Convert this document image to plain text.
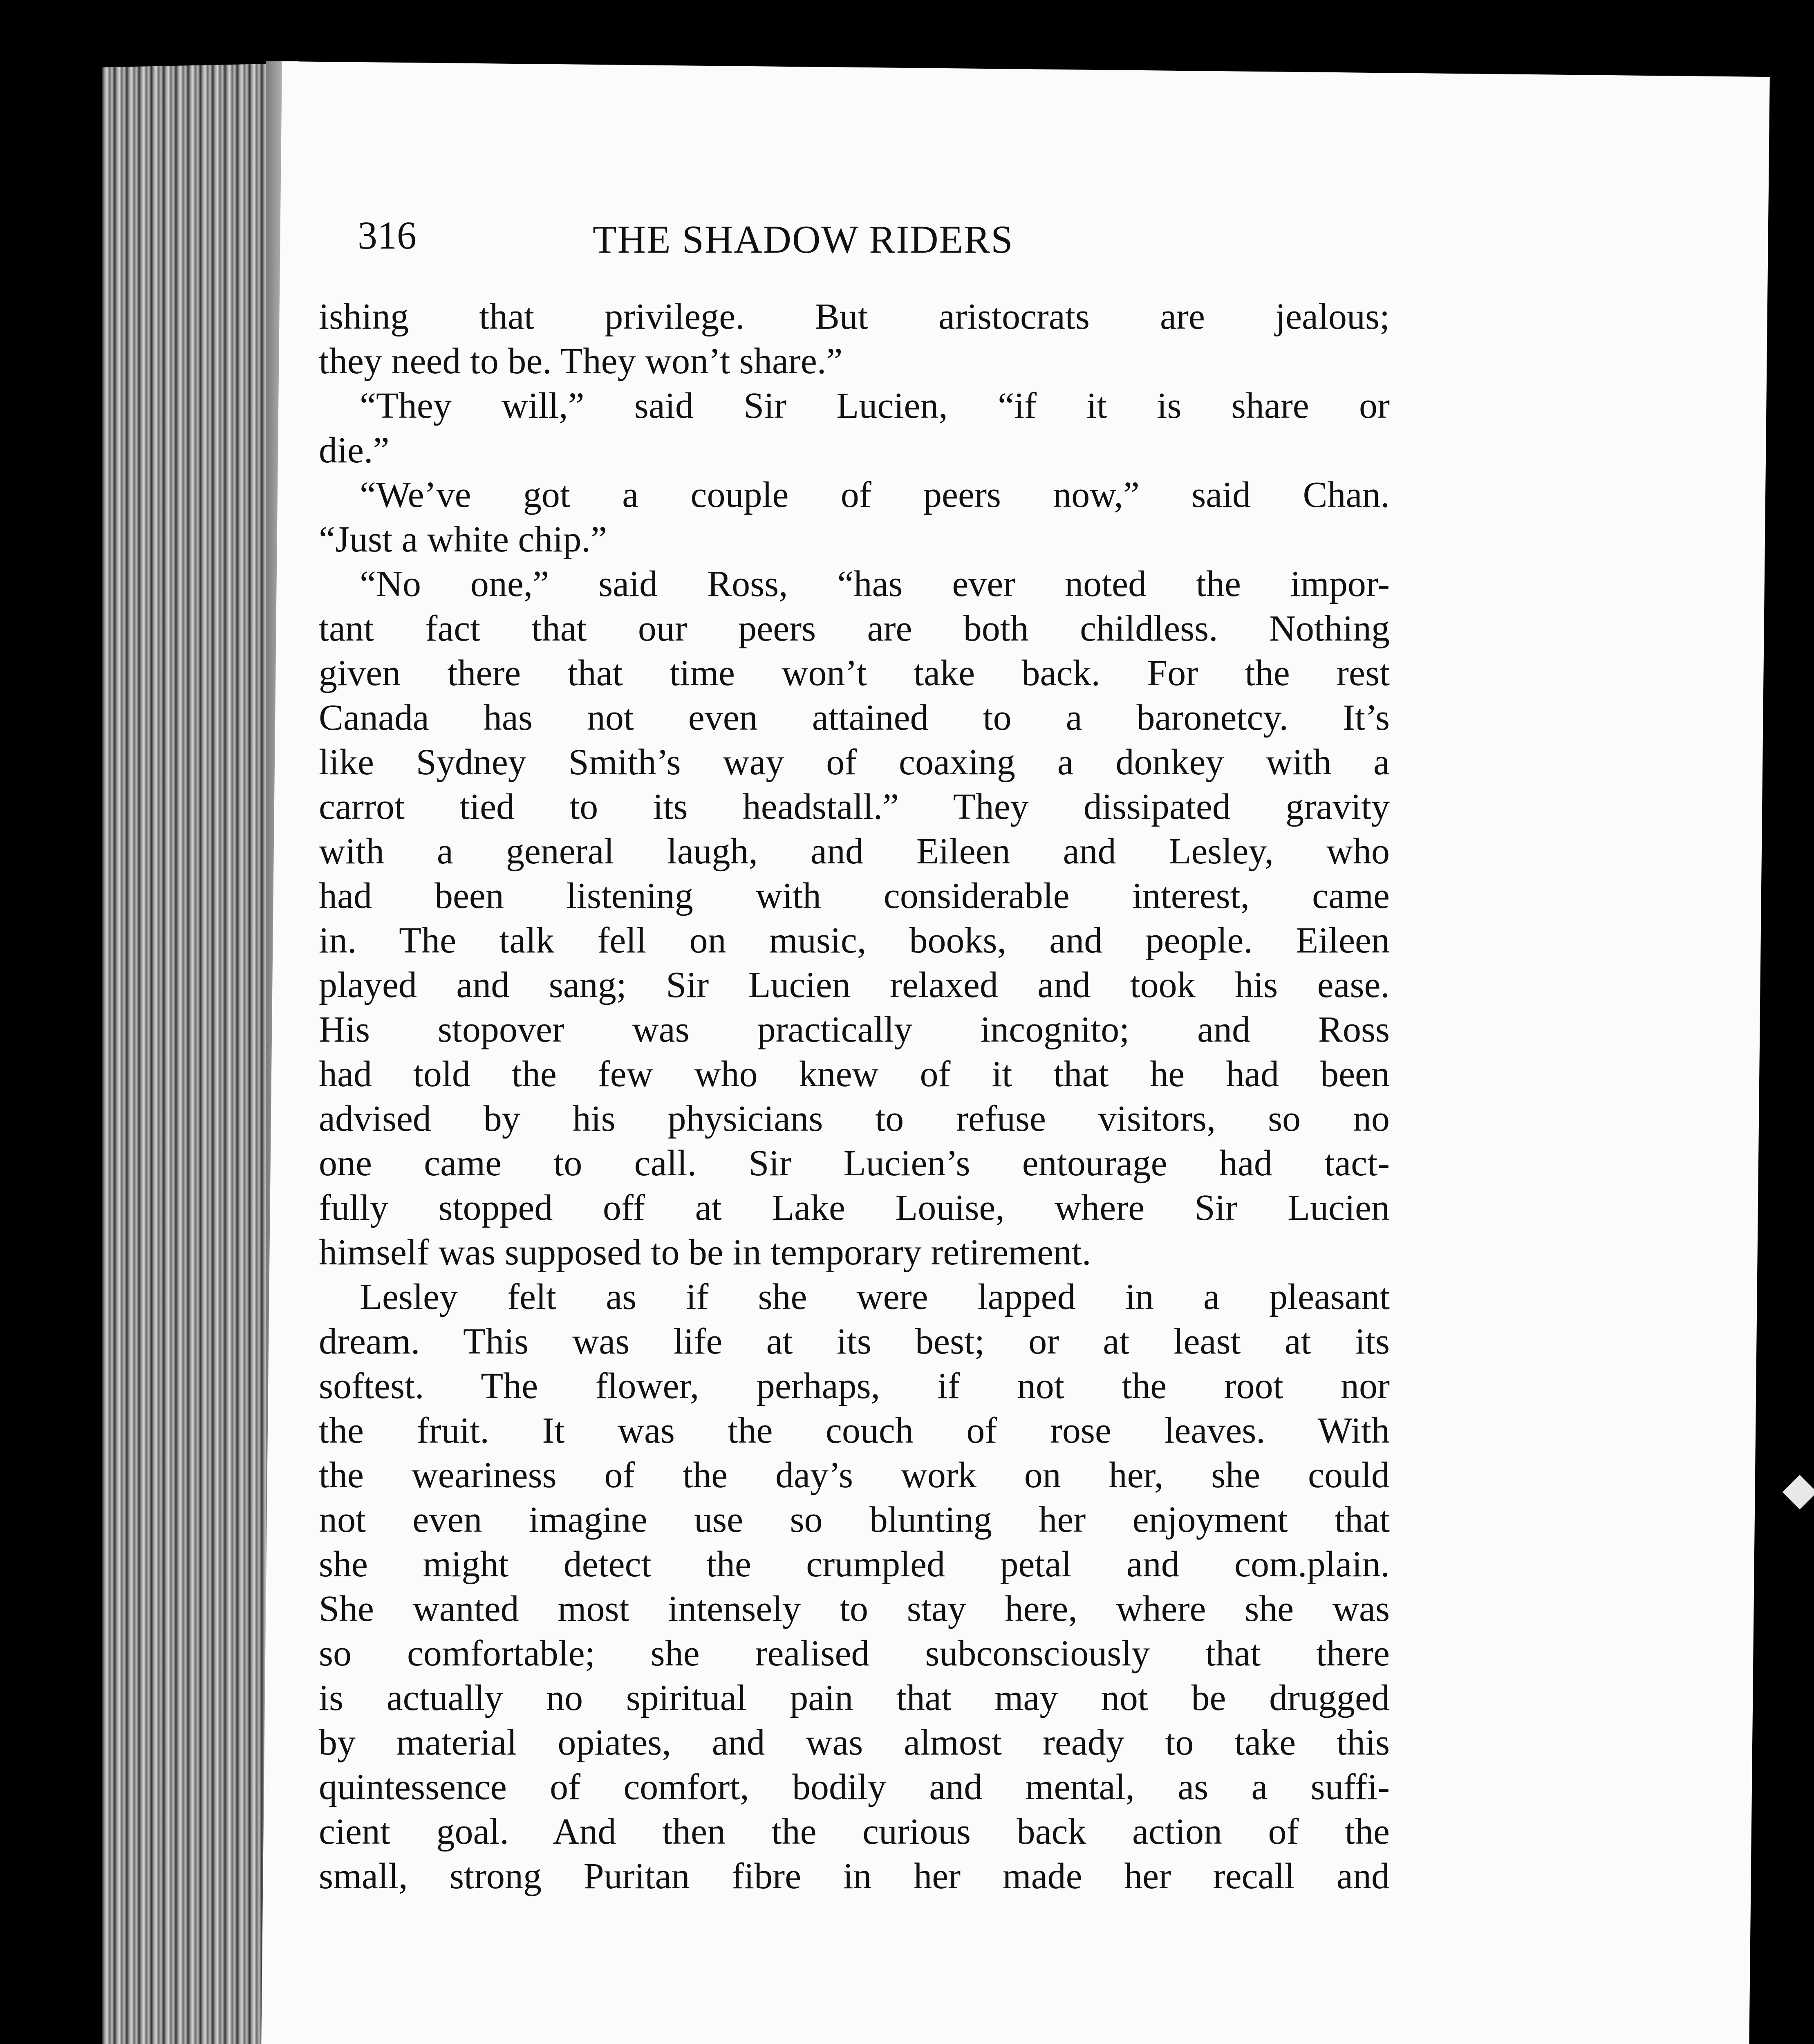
316	THE SHADOW RIDERS
ishing that privilege. But aristocrats are jealous;
they need to be. They won’t share.”
“They will,” said Sir Lucien, “if it is share or
die.”
“We’ve got a couple of peers now,” said Chan.
“Just a white chip.”
“No one,” said Ross, “has ever noted the impor-
tant fact that our peers are both childless. Nothing
given there that time won’t take back. For the rest
Canada has not even attained to a baronetcy. It’s
like Sydney Smith’s way of coaxing a donkey with a
carrot tied to its headstall.” They dissipated gravity
with a general laugh, and Eileen and Lesley, who
had been listening with considerable interest, came
in. The talk fell on music, books, and people. Eileen
played and sang; Sir Lucien relaxed and took his ease.
His stopover was practically incognito; and Ross
had told the few who knew of it that he had been
advised by his physicians to refuse visitors, so no
one came to call. Sir Lucien’s entourage had tact-
fully stopped off at Lake Louise, where Sir Lucien
himself was supposed to be in temporary retirement.
Lesley felt as if she were lapped in a pleasant
dream. This was life at its best; or at least at its
softest. The flower, perhaps, if not the root nor
the fruit. It was the couch of rose leaves. With
the weariness of the day’s work on her, she could
not even imagine use so blunting her enjoyment that
she might detect the crumpled petal and com.plain.
She wanted most intensely to stay here, where she was
so comfortable; she realised subconsciously that there
is actually no spiritual pain that may not be drugged
by material opiates, and was almost ready to take this
quintessence of comfort, bodily and mental, as a suffi-
cient goal. And then the curious back action of the
small, strong Puritan fibre in her made her recall and
